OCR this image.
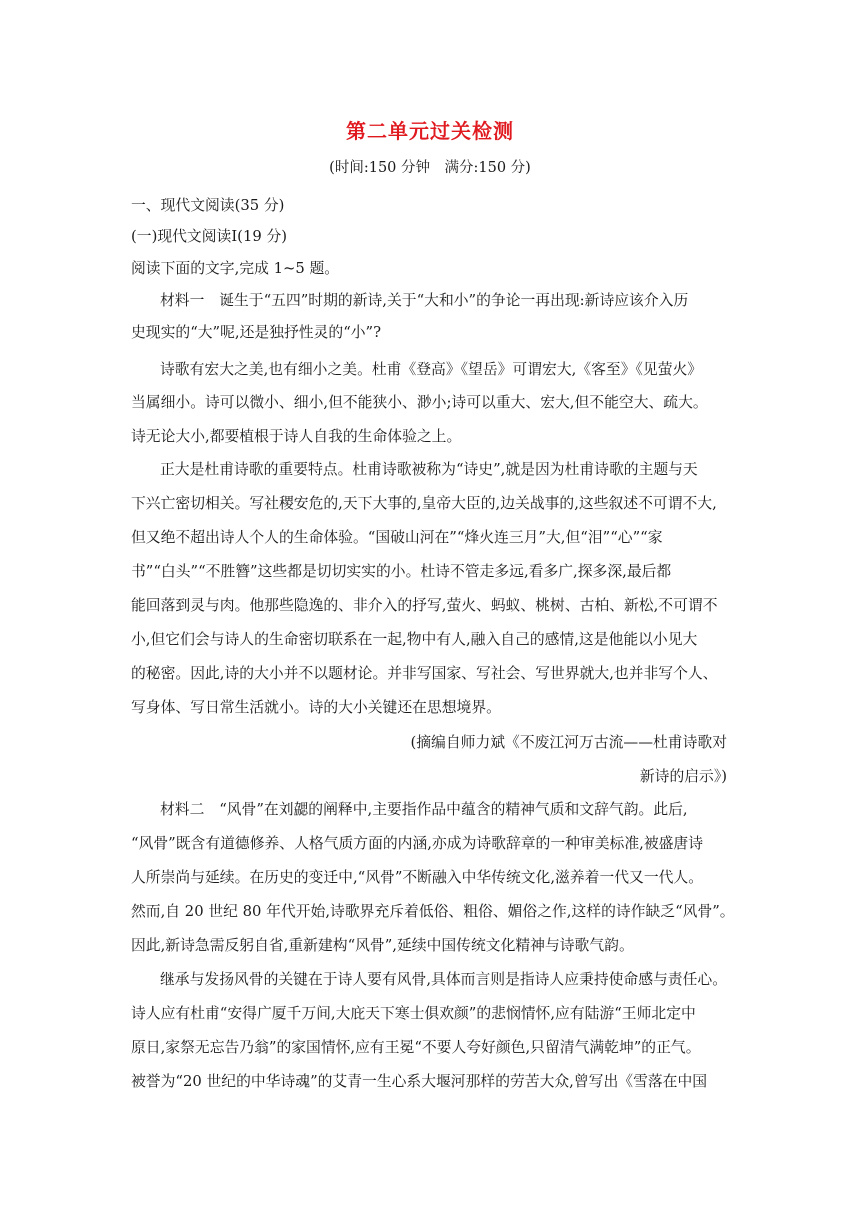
第二单元过关检测
(时间:150 分钟　满分:150 分)
一、现代文阅读(35 分)
(一)现代文阅读Ⅰ(19 分)
阅读下面的文字,完成 1~5 题。
材料一　诞生于“五四”时期的新诗,关于“大和小”的争论一再出现:新诗应该介入历
史现实的“大”呢,还是独抒性灵的“小”?
诗歌有宏大之美,也有细小之美。杜甫《登高》《望岳》可谓宏大,《客至》《见萤火》
当属细小。诗可以微小、细小,但不能狭小、渺小;诗可以重大、宏大,但不能空大、疏大。
诗无论大小,都要植根于诗人自我的生命体验之上。
正大是杜甫诗歌的重要特点。杜甫诗歌被称为“诗史”,就是因为杜甫诗歌的主题与天
下兴亡密切相关。写社稷安危的,天下大事的,皇帝大臣的,边关战事的,这些叙述不可谓不大,
但又绝不超出诗人个人的生命体验。“国破山河在”“烽火连三月”大,但“泪”“心”“家
书”“白头”“不胜簪”这些都是切切实实的小。杜诗不管走多远,看多广,探多深,最后都
能回落到灵与肉。他那些隐逸的、非介入的抒写,萤火、蚂蚁、桃树、古柏、新松,不可谓不
小,但它们会与诗人的生命密切联系在一起,物中有人,融入自己的感情,这是他能以小见大
的秘密。因此,诗的大小并不以题材论。并非写国家、写社会、写世界就大,也并非写个人、
写身体、写日常生活就小。诗的大小关键还在思想境界。
(摘编自师力斌《不废江河万古流——杜甫诗歌对
新诗的启示》)
材料二　“风骨”在刘勰的阐释中,主要指作品中蕴含的精神气质和文辞气韵。此后,
“风骨”既含有道德修养、人格气质方面的内涵,亦成为诗歌辞章的一种审美标准,被盛唐诗
人所崇尚与延续。在历史的变迁中,“风骨”不断融入中华传统文化,滋养着一代又一代人。
然而,自 20 世纪 80 年代开始,诗歌界充斥着低俗、粗俗、媚俗之作,这样的诗作缺乏“风骨”。
因此,新诗急需反躬自省,重新建构“风骨”,延续中国传统文化精神与诗歌气韵。
继承与发扬风骨的关键在于诗人要有风骨,具体而言则是指诗人应秉持使命感与责任心。
诗人应有杜甫“安得广厦千万间,大庇天下寒士俱欢颜”的悲悯情怀,应有陆游“王师北定中
原日,家祭无忘告乃翁”的家国情怀,应有王冕“不要人夸好颜色,只留清气满乾坤”的正气。
被誉为“20 世纪的中华诗魂”的艾青一生心系大堰河那样的劳苦大众,曾写出《雪落在中国
